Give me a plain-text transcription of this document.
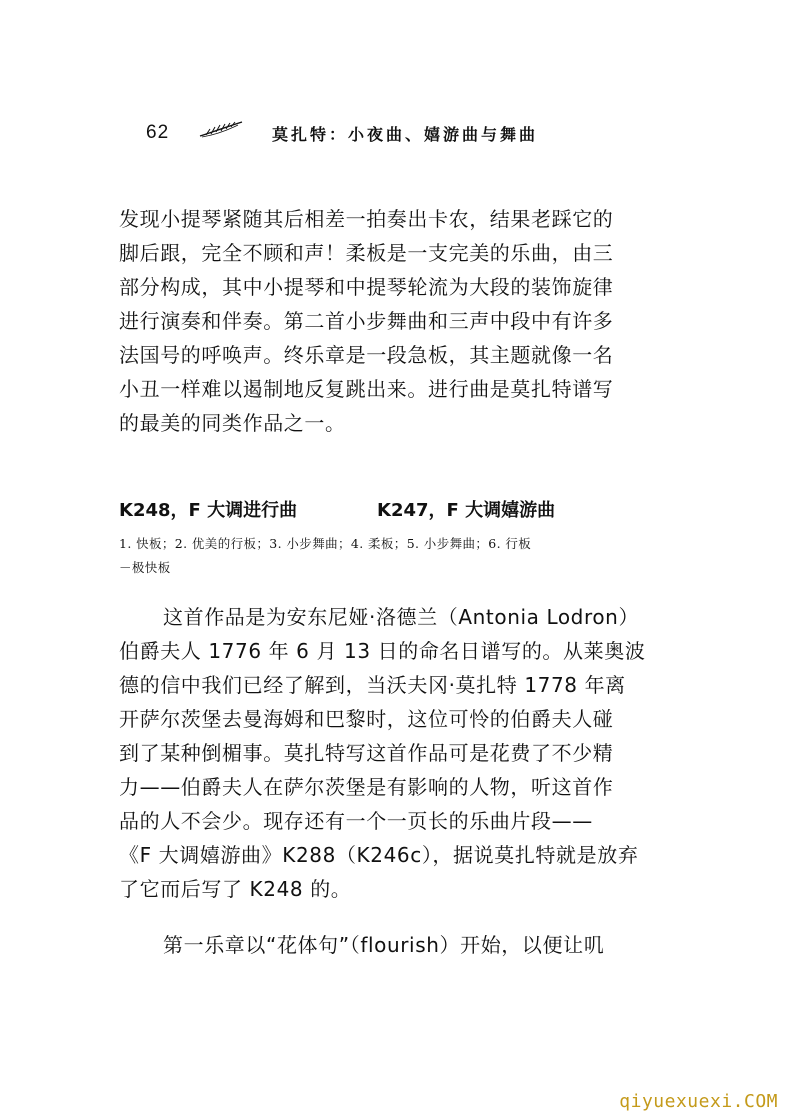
62	莫扎特：小夜曲、嬉游曲与舞曲
发现小提琴紧随其后相差一拍奏出卡农，结果老踩它的
脚后跟，完全不顾和声！柔板是一支完美的乐曲，由三
部分构成，其中小提琴和中提琴轮流为大段的装饰旋律
进行演奏和伴奏。第二首小步舞曲和三声中段中有许多
法国号的呼唤声。终乐章是一段急板，其主题就像一名
小丑一样难以遏制地反复跳出来。进行曲是莫扎特谱写
的最美的同类作品之一。
K248，F 大调进行曲	K247，F 大调嬉游曲
1. 快板；2. 优美的行板；3. 小步舞曲；4. 柔板；5. 小步舞曲；6. 行板
－极快板
这首作品是为安东尼娅·洛德兰（Antonia Lodron）
伯爵夫人 1776 年 6 月 13 日的命名日谱写的。从莱奥波
德的信中我们已经了解到，当沃夫冈·莫扎特 1778 年离
开萨尔茨堡去曼海姆和巴黎时，这位可怜的伯爵夫人碰
到了某种倒楣事。莫扎特写这首作品可是花费了不少精
力——伯爵夫人在萨尔茨堡是有影响的人物，听这首作
品的人不会少。现存还有一个一页长的乐曲片段——
《F 大调嬉游曲》K288（K246c），据说莫扎特就是放弃
了它而后写了 K248 的。
第一乐章以“花体句”（flourish）开始，以便让叽
qiyuexuexi.COM
